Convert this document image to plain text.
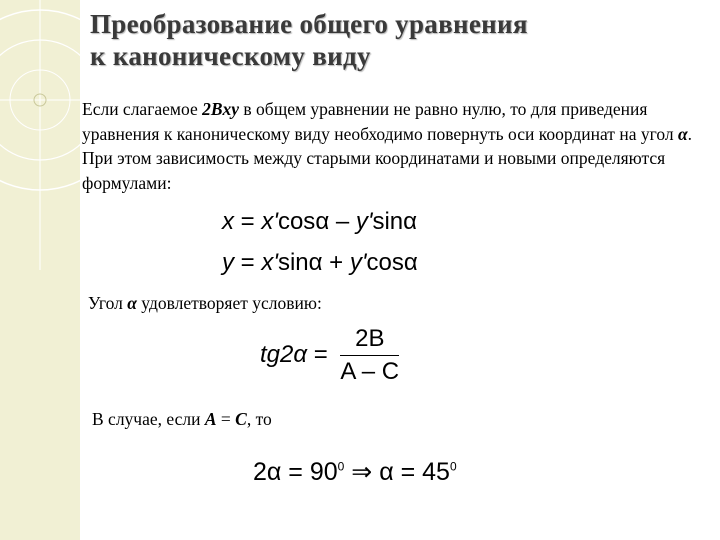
Преобразование общего уравнения
к каноническому виду
Если слагаемое 2Bxy в общем уравнении не равно нулю, то для приведения уравнения к каноническому виду необходимо повернуть оси координат на угол α. При этом зависимость между старыми координатами и новыми определяются формулами:
x = x'cosα – y'sinα
y = x'sinα + y'cosα
Угол α удовлетворяет условию:
$tg2\alpha = \frac{2B}{A - C}$
В случае, если A = C, то
$2\alpha = 90^0$ ⇒ $\alpha = 45^0$
